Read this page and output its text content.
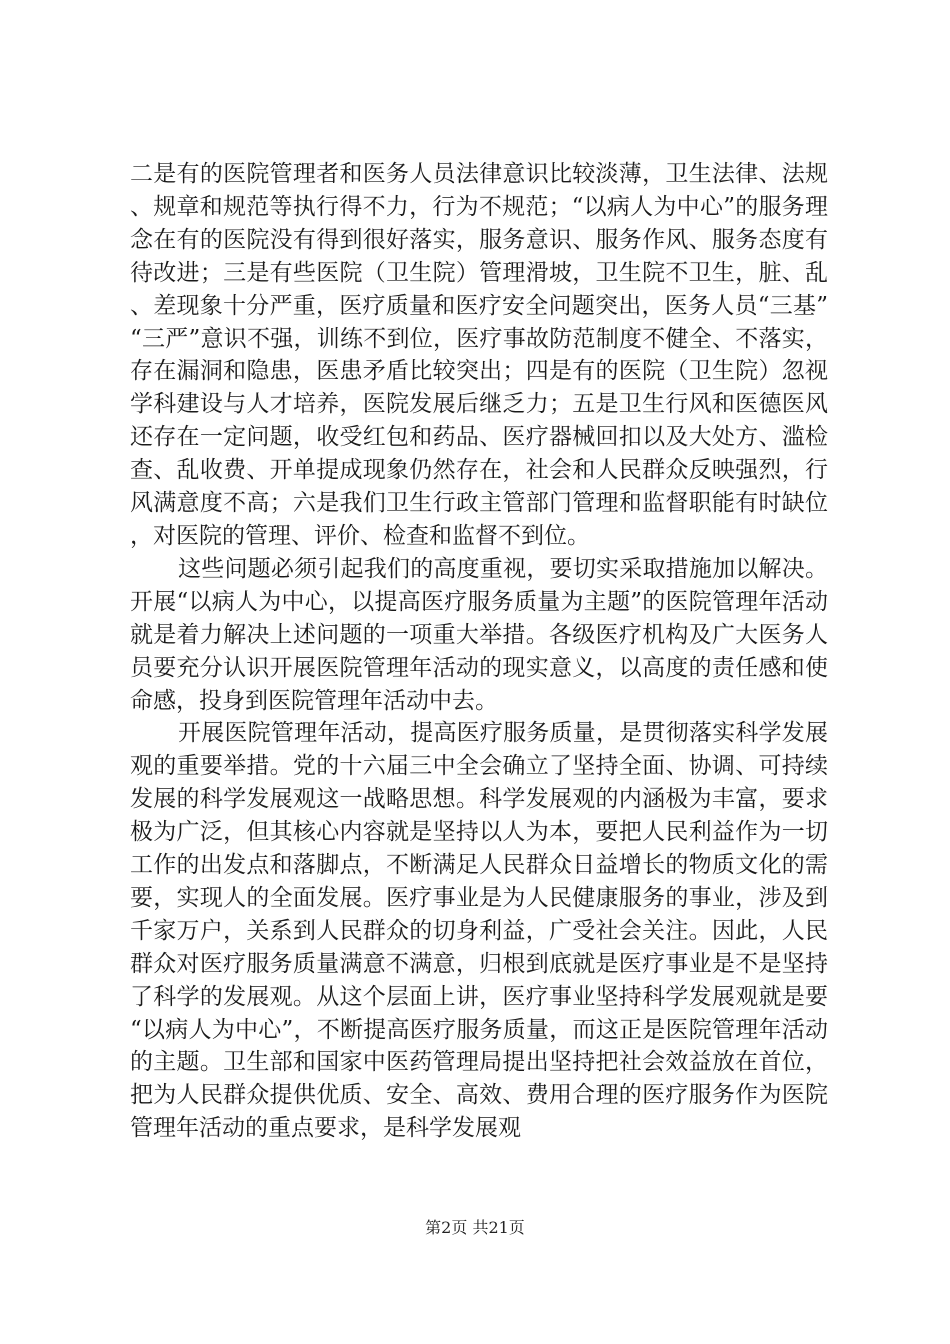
二是有的医院管理者和医务人员法律意识比较淡薄，卫生法律、法规、规章和规范等执行得不力，行为不规范；“以病人为中心”的服务理念在有的医院没有得到很好落实，服务意识、服务作风、服务态度有待改进；三是有些医院（卫生院）管理滑坡，卫生院不卫生，脏、乱、差现象十分严重，医疗质量和医疗安全问题突出，医务人员“三基”“三严”意识不强，训练不到位，医疗事故防范制度不健全、不落实，存在漏洞和隐患，医患矛盾比较突出；四是有的医院（卫生院）忽视学科建设与人才培养，医院发展后继乏力；五是卫生行风和医德医风还存在一定问题，收受红包和药品、医疗器械回扣以及大处方、滥检查、乱收费、开单提成现象仍然存在，社会和人民群众反映强烈，行风满意度不高；六是我们卫生行政主管部门管理和监督职能有时缺位，对医院的管理、评价、检查和监督不到位。

这些问题必须引起我们的高度重视，要切实采取措施加以解决。开展“以病人为中心，以提高医疗服务质量为主题”的医院管理年活动就是着力解决上述问题的一项重大举措。各级医疗机构及广大医务人员要充分认识开展医院管理年活动的现实意义，以高度的责任感和使命感，投身到医院管理年活动中去。

开展医院管理年活动，提高医疗服务质量，是贯彻落实科学发展观的重要举措。党的十六届三中全会确立了坚持全面、协调、可持续发展的科学发展观这一战略思想。科学发展观的内涵极为丰富，要求极为广泛，但其核心内容就是坚持以人为本，要把人民利益作为一切工作的出发点和落脚点，不断满足人民群众日益增长的物质文化的需要，实现人的全面发展。医疗事业是为人民健康服务的事业，涉及到千家万户，关系到人民群众的切身利益，广受社会关注。因此，人民群众对医疗服务质量满意不满意，归根到底就是医疗事业是不是坚持了科学的发展观。从这个层面上讲，医疗事业坚持科学发展观就是要“以病人为中心”，不断提高医疗服务质量，而这正是医院管理年活动的主题。卫生部和国家中医药管理局提出坚持把社会效益放在首位，把为人民群众提供优质、安全、高效、费用合理的医疗服务作为医院管理年活动的重点要求，是科学发展观

第2页 共21页
